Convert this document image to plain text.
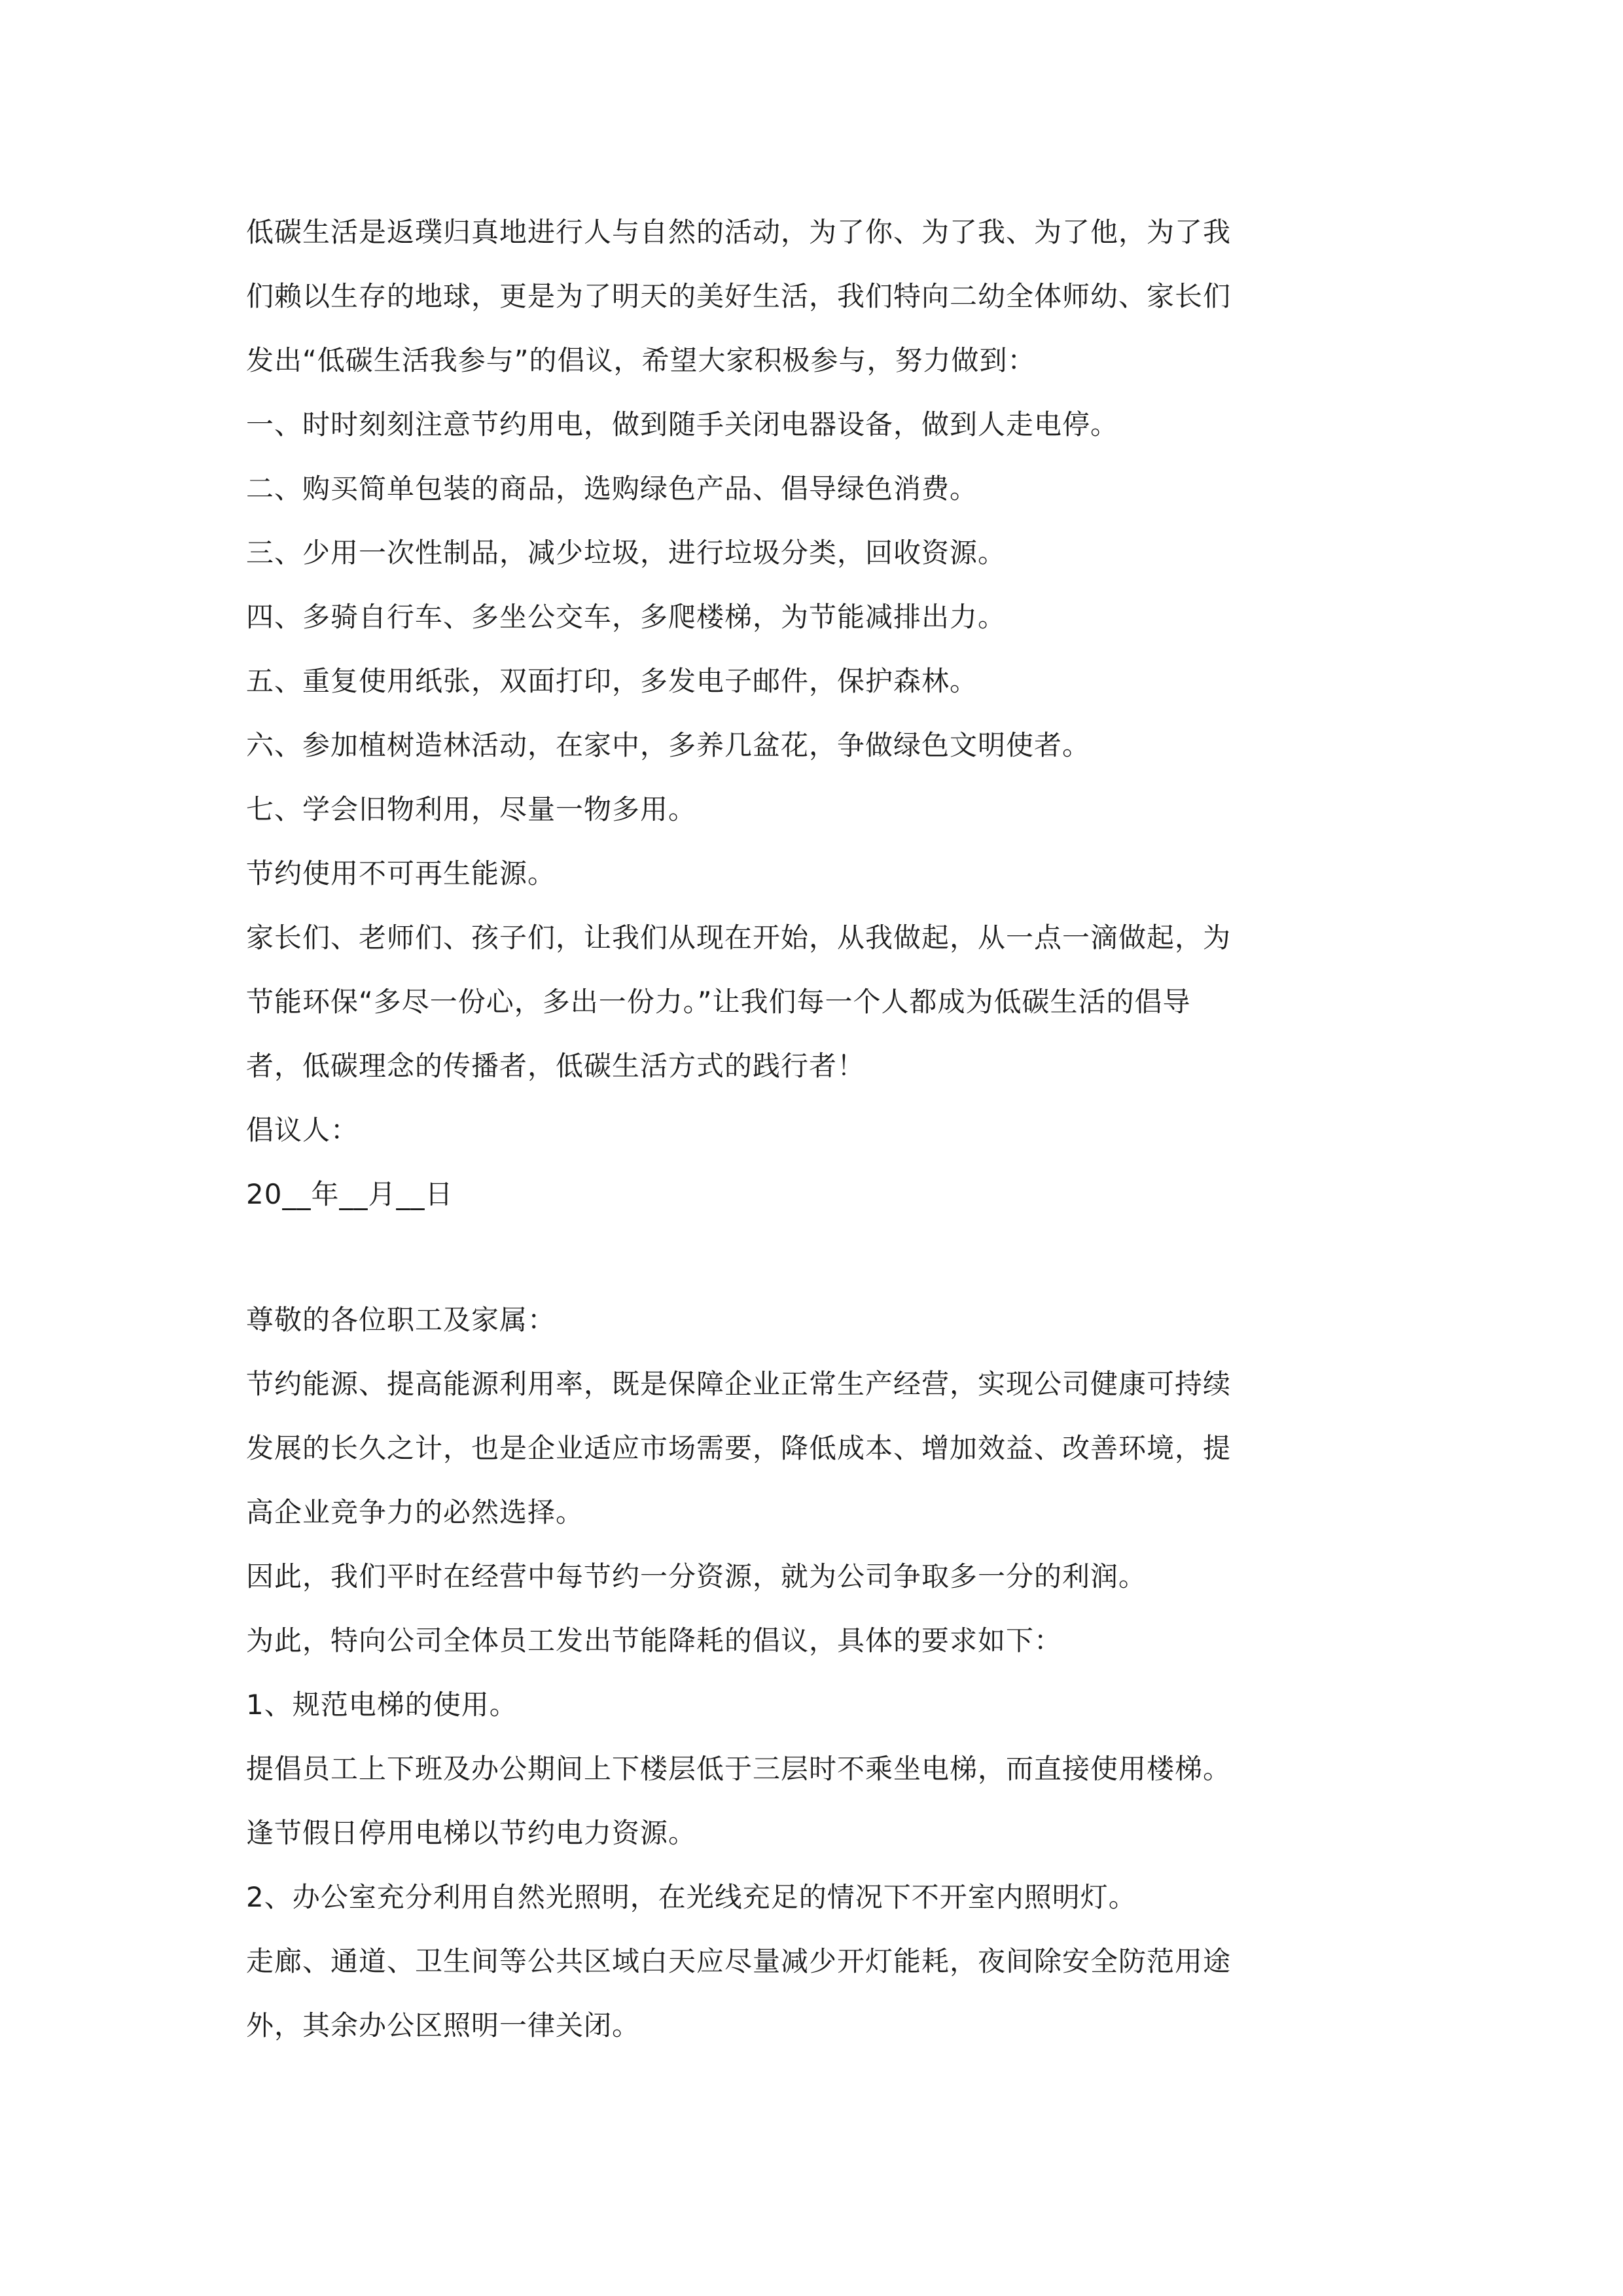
低碳生活是返璞归真地进行人与自然的活动，为了你、为了我、为了他，为了我
们赖以生存的地球，更是为了明天的美好生活，我们特向二幼全体师幼、家长们
发出“低碳生活我参与”的倡议，希望大家积极参与，努力做到：
一、时时刻刻注意节约用电，做到随手关闭电器设备，做到人走电停。
二、购买简单包装的商品，选购绿色产品、倡导绿色消费。
三、少用一次性制品，减少垃圾，进行垃圾分类，回收资源。
四、多骑自行车、多坐公交车，多爬楼梯，为节能减排出力。
五、重复使用纸张，双面打印，多发电子邮件，保护森林。
六、参加植树造林活动，在家中，多养几盆花，争做绿色文明使者。
七、学会旧物利用，尽量一物多用。
节约使用不可再生能源。
家长们、老师们、孩子们，让我们从现在开始，从我做起，从一点一滴做起，为
节能环保“多尽一份心，多出一份力。”让我们每一个人都成为低碳生活的倡导
者，低碳理念的传播者，低碳生活方式的践行者！
倡议人：
20__年__月__日
尊敬的各位职工及家属：
节约能源、提高能源利用率，既是保障企业正常生产经营，实现公司健康可持续
发展的长久之计，也是企业适应市场需要，降低成本、增加效益、改善环境，提
高企业竞争力的必然选择。
因此，我们平时在经营中每节约一分资源，就为公司争取多一分的利润。
为此，特向公司全体员工发出节能降耗的倡议，具体的要求如下：
1、规范电梯的使用。
提倡员工上下班及办公期间上下楼层低于三层时不乘坐电梯，而直接使用楼梯。
逢节假日停用电梯以节约电力资源。
2、办公室充分利用自然光照明，在光线充足的情况下不开室内照明灯。
走廊、通道、卫生间等公共区域白天应尽量减少开灯能耗，夜间除安全防范用途
外，其余办公区照明一律关闭。
